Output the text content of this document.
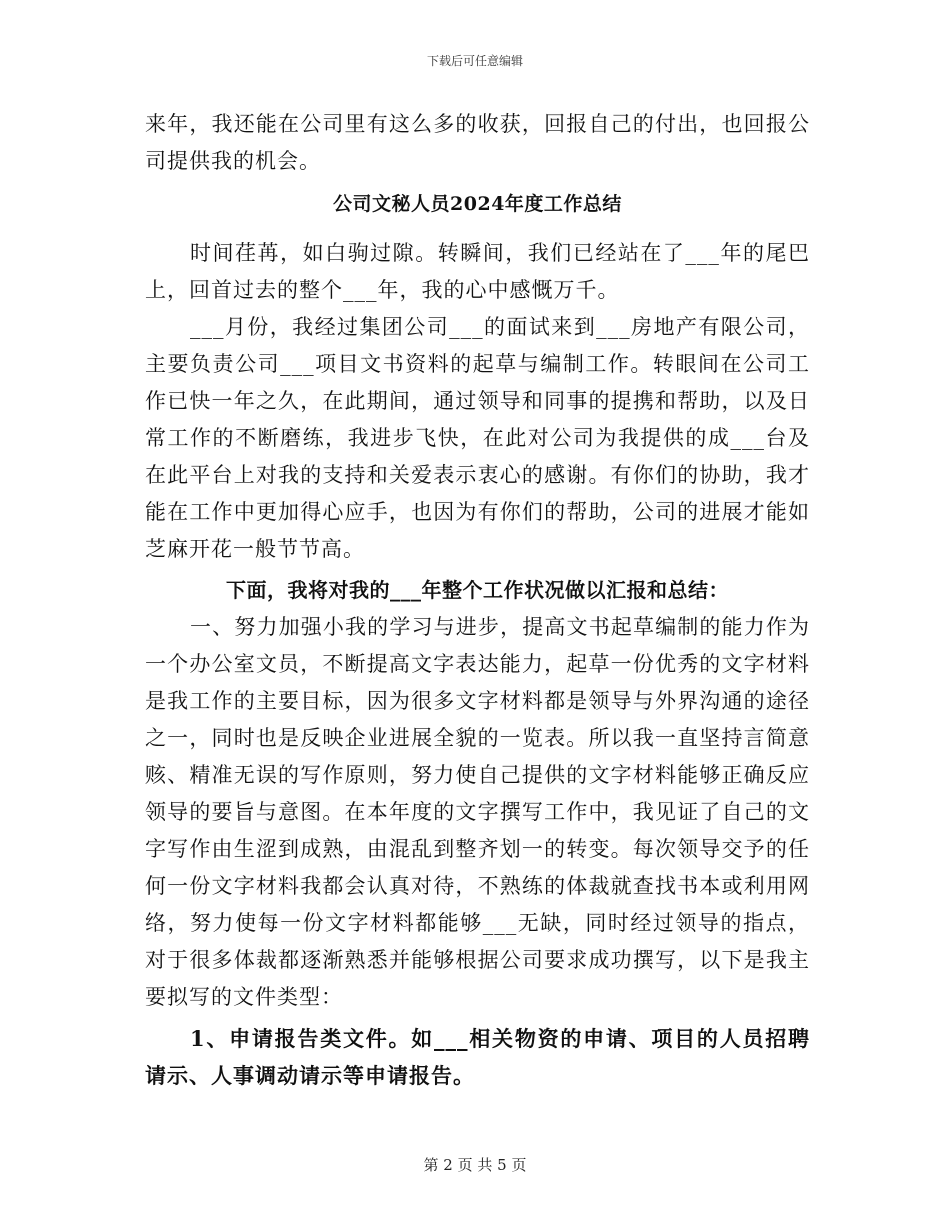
下载后可任意编辑

来年，我还能在公司里有这么多的收获，回报自己的付出，也回报公司提供我的机会。

公司文秘人员2024年度工作总结

时间荏苒，如白驹过隙。转瞬间，我们已经站在了___年的尾巴上，回首过去的整个___年，我的心中感慨万千。

___月份，我经过集团公司___的面试来到___房地产有限公司，主要负责公司___项目文书资料的起草与编制工作。转眼间在公司工作已快一年之久，在此期间，通过领导和同事的提携和帮助，以及日常工作的不断磨练，我进步飞快，在此对公司为我提供的成___台及在此平台上对我的支持和关爱表示衷心的感谢。有你们的协助，我才能在工作中更加得心应手，也因为有你们的帮助，公司的进展才能如芝麻开花一般节节高。

下面，我将对我的___年整个工作状况做以汇报和总结：

一、努力加强小我的学习与进步，提高文书起草编制的能力作为一个办公室文员，不断提高文字表达能力，起草一份优秀的文字材料是我工作的主要目标，因为很多文字材料都是领导与外界沟通的途径之一，同时也是反映企业进展全貌的一览表。所以我一直坚持言简意赅、精准无误的写作原则，努力使自己提供的文字材料能够正确反应领导的要旨与意图。在本年度的文字撰写工作中，我见证了自己的文字写作由生涩到成熟，由混乱到整齐划一的转变。每次领导交予的任何一份文字材料我都会认真对待，不熟练的体裁就查找书本或利用网络，努力使每一份文字材料都能够___无缺，同时经过领导的指点，对于很多体裁都逐渐熟悉并能够根据公司要求成功撰写，以下是我主要拟写的文件类型：

1、申请报告类文件。如___相关物资的申请、项目的人员招聘请示、人事调动请示等申请报告。

第 2 页 共 5 页
